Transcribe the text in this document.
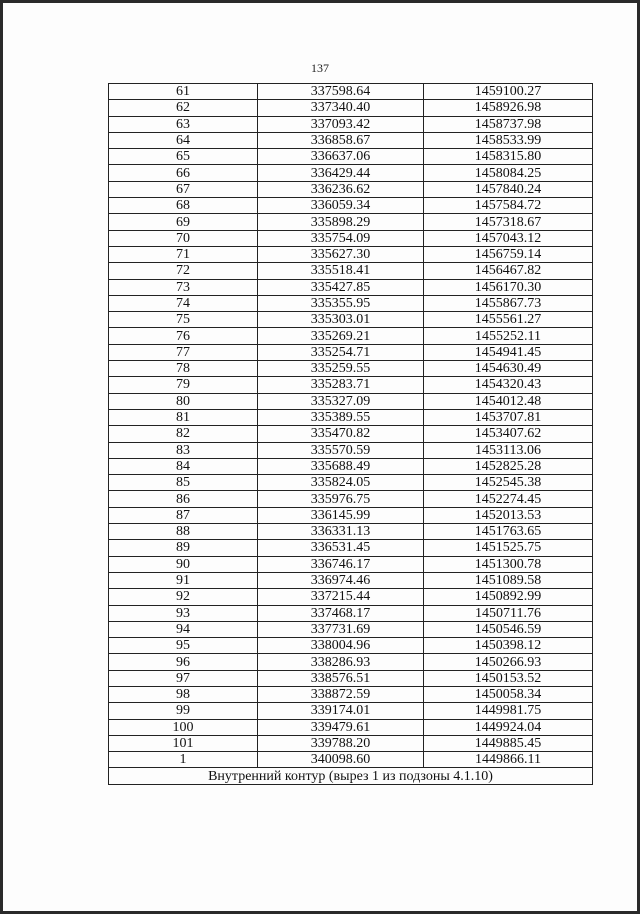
137
61	337598.64	1459100.27
62	337340.40	1458926.98
63	337093.42	1458737.98
64	336858.67	1458533.99
65	336637.06	1458315.80
66	336429.44	1458084.25
67	336236.62	1457840.24
68	336059.34	1457584.72
69	335898.29	1457318.67
70	335754.09	1457043.12
71	335627.30	1456759.14
72	335518.41	1456467.82
73	335427.85	1456170.30
74	335355.95	1455867.73
75	335303.01	1455561.27
76	335269.21	1455252.11
77	335254.71	1454941.45
78	335259.55	1454630.49
79	335283.71	1454320.43
80	335327.09	1454012.48
81	335389.55	1453707.81
82	335470.82	1453407.62
83	335570.59	1453113.06
84	335688.49	1452825.28
85	335824.05	1452545.38
86	335976.75	1452274.45
87	336145.99	1452013.53
88	336331.13	1451763.65
89	336531.45	1451525.75
90	336746.17	1451300.78
91	336974.46	1451089.58
92	337215.44	1450892.99
93	337468.17	1450711.76
94	337731.69	1450546.59
95	338004.96	1450398.12
96	338286.93	1450266.93
97	338576.51	1450153.52
98	338872.59	1450058.34
99	339174.01	1449981.75
100	339479.61	1449924.04
101	339788.20	1449885.45
1	340098.60	1449866.11
Внутренний контур (вырез 1 из подзоны 4.1.10)		
